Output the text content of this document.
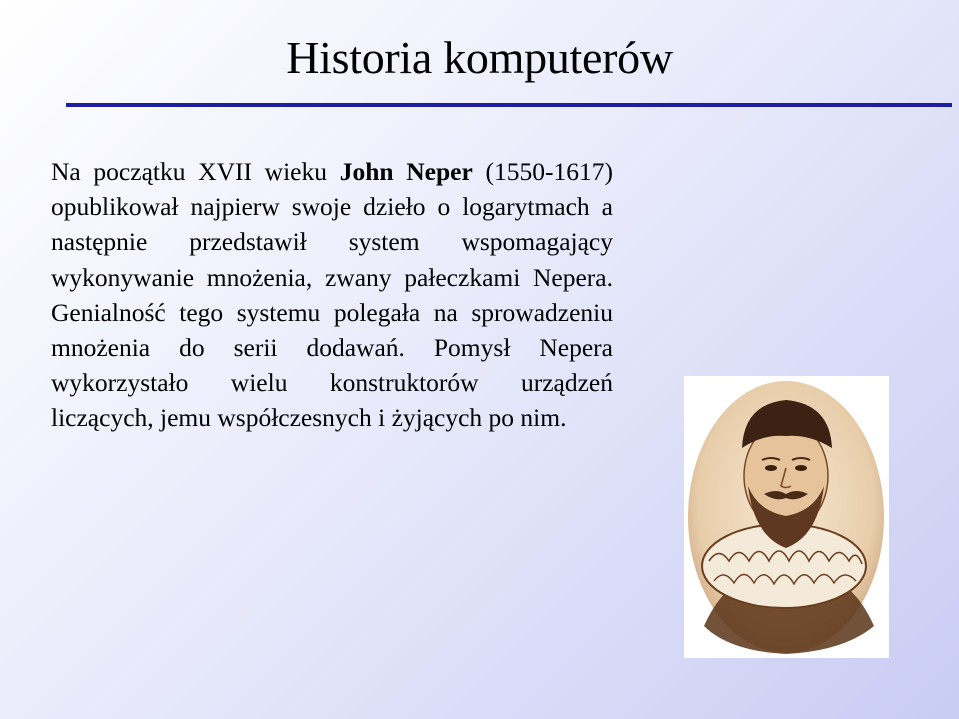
Historia komputerów
Na początku XVII wieku John Neper (1550-1617) opublikował najpierw swoje dzieło o logarytmach a następnie przedstawił system wspomagający wykonywanie mnożenia, zwany pałeczkami Nepera. Genialność tego systemu polegała na sprowadzeniu mnożenia do serii dodawań. Pomysł Nepera wykorzystało wielu konstruktorów urządzeń liczących, jemu współczesnych i żyjących po nim.
